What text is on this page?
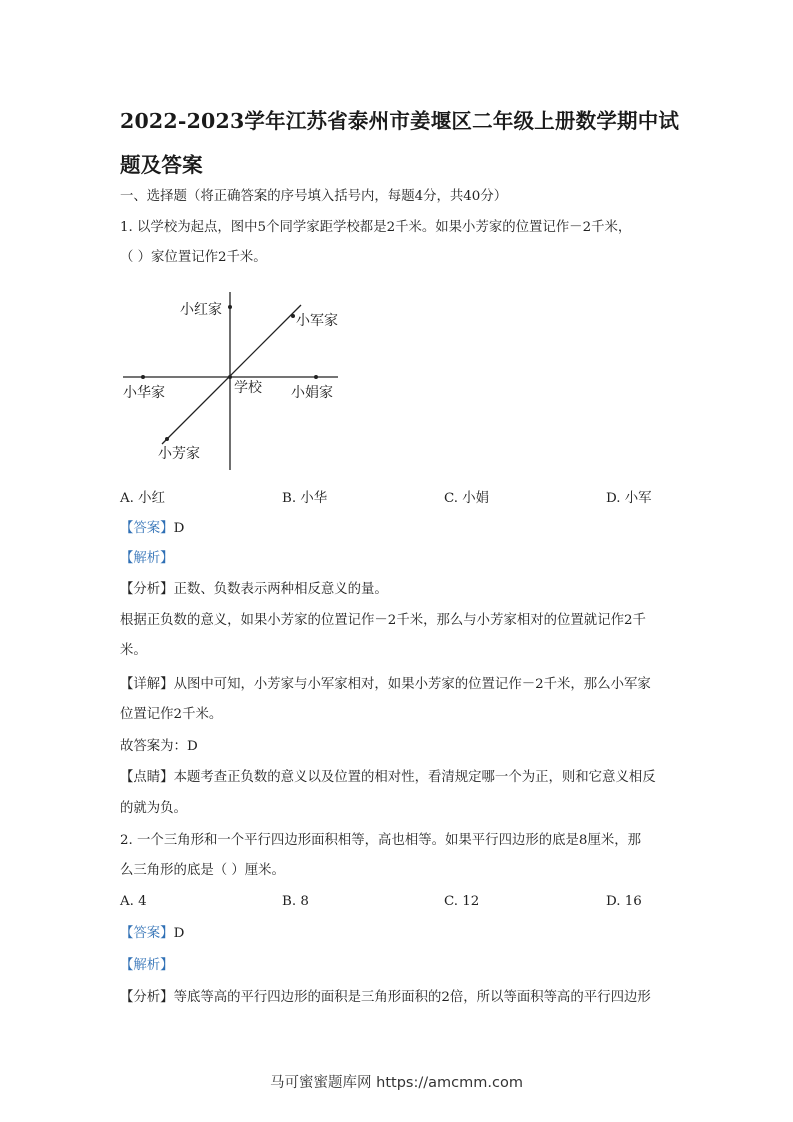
2022-2023学年江苏省泰州市姜堰区二年级上册数学期中试
题及答案
一、选择题（将正确答案的序号填入括号内，每题4分，共40分）
1. 以学校为起点，图中5个同学家距学校都是2千米。如果小芳家的位置记作－2千米，
（ ）家位置记作2千米。
小红家
小军家
小华家	学校 小娟家
小芳家
A. 小红	B. 小华	C. 小娟	D. 小军
【答案】D
【解析】
【分析】正数、负数表示两种相反意义的量。
根据正负数的意义，如果小芳家的位置记作－2千米，那么与小芳家相对的位置就记作2千
米。
【详解】从图中可知，小芳家与小军家相对，如果小芳家的位置记作－2千米，那么小军家
位置记作2千米。
故答案为：D
【点睛】本题考查正负数的意义以及位置的相对性，看清规定哪一个为正，则和它意义相反
的就为负。
2. 一个三角形和一个平行四边形面积相等，高也相等。如果平行四边形的底是8厘米，那
么三角形的底是（ ）厘米。
A. 4	B. 8	C. 12	D. 16
【答案】D
【解析】
【分析】等底等高的平行四边形的面积是三角形面积的2倍，所以等面积等高的平行四边形
马可蜜蜜题库网 https://amcmm.com
